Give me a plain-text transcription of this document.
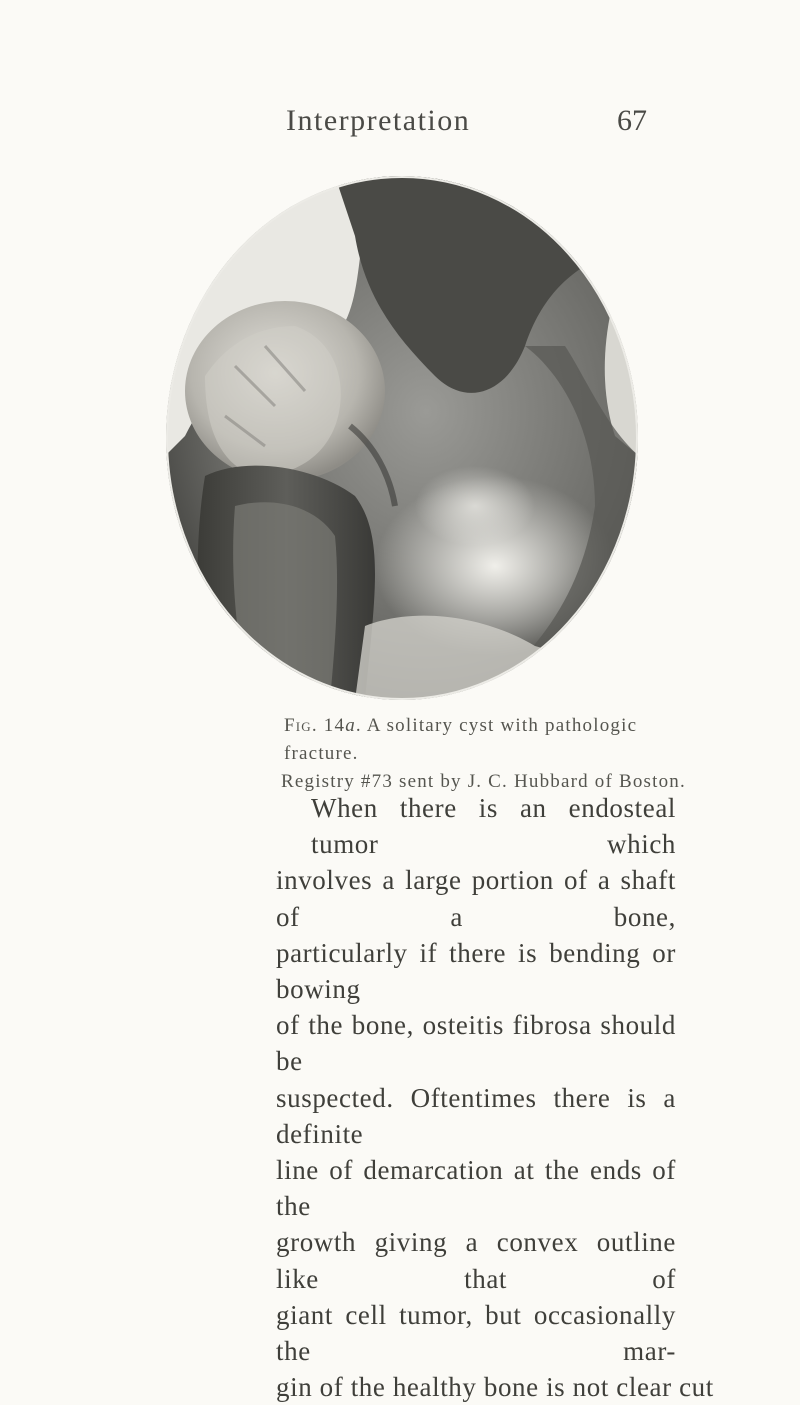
Interpretation	67
Fig. 14a. A solitary cyst with pathologic fracture.
Registry #73 sent by J. C. Hubbard of Boston.
When there is an endosteal tumor which
involves a large portion of a shaft of a bone,
particularly if there is bending or bowing
of the bone, osteitis fibrosa should be
suspected. Oftentimes there is a definite
line of demarcation at the ends of the
growth giving a convex outline like that of
giant cell tumor, but occasionally the mar-
gin of the healthy bone is not clear cut
